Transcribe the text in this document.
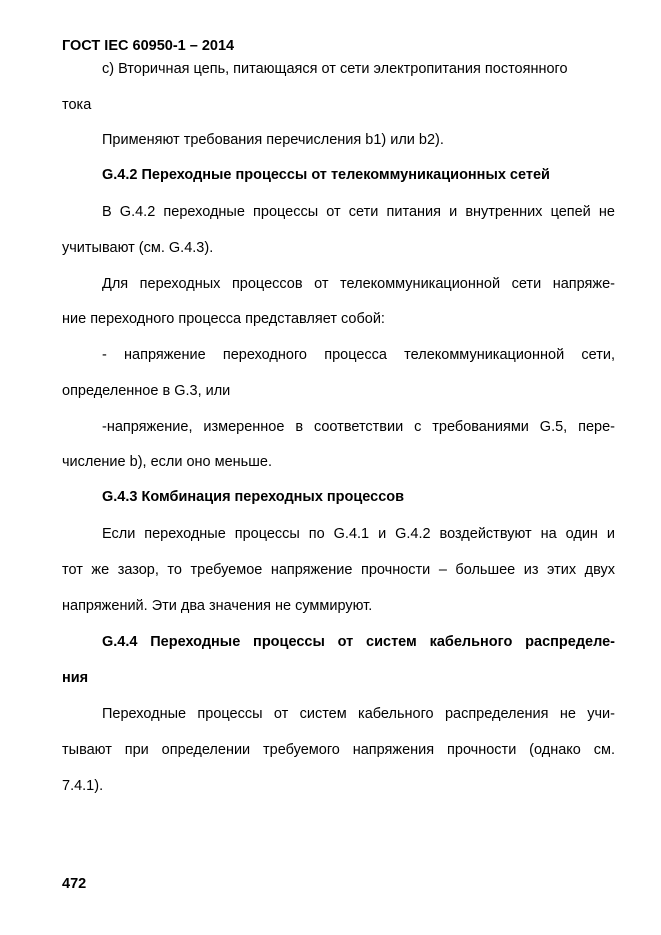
ГОСТ IEC 60950-1 – 2014
c) Вторичная цепь, питающаяся от сети электропитания постоянного
тока
Применяют требования перечисления b1) или b2).
G.4.2 Переходные процессы от телекоммуникационных сетей
В G.4.2 переходные процессы от сети питания и внутренних цепей не
учитывают (см. G.4.3).
Для переходных процессов от телекоммуникационной сети напряже-
ние переходного процесса представляет собой:
- напряжение переходного процесса телекоммуникационной сети,
определенное в G.3, или
-напряжение, измеренное в соответствии с требованиями G.5, пере-
числение b), если оно меньше.
G.4.3 Комбинация переходных процессов
Если переходные процессы по G.4.1 и G.4.2 воздействуют на один и
тот же зазор, то требуемое напряжение прочности – большее из этих двух
напряжений. Эти два значения не суммируют.
G.4.4 Переходные процессы от систем кабельного распределе-
ния
Переходные процессы от систем кабельного распределения не учи-
тывают при определении требуемого напряжения прочности (однако см.
7.4.1).
472
